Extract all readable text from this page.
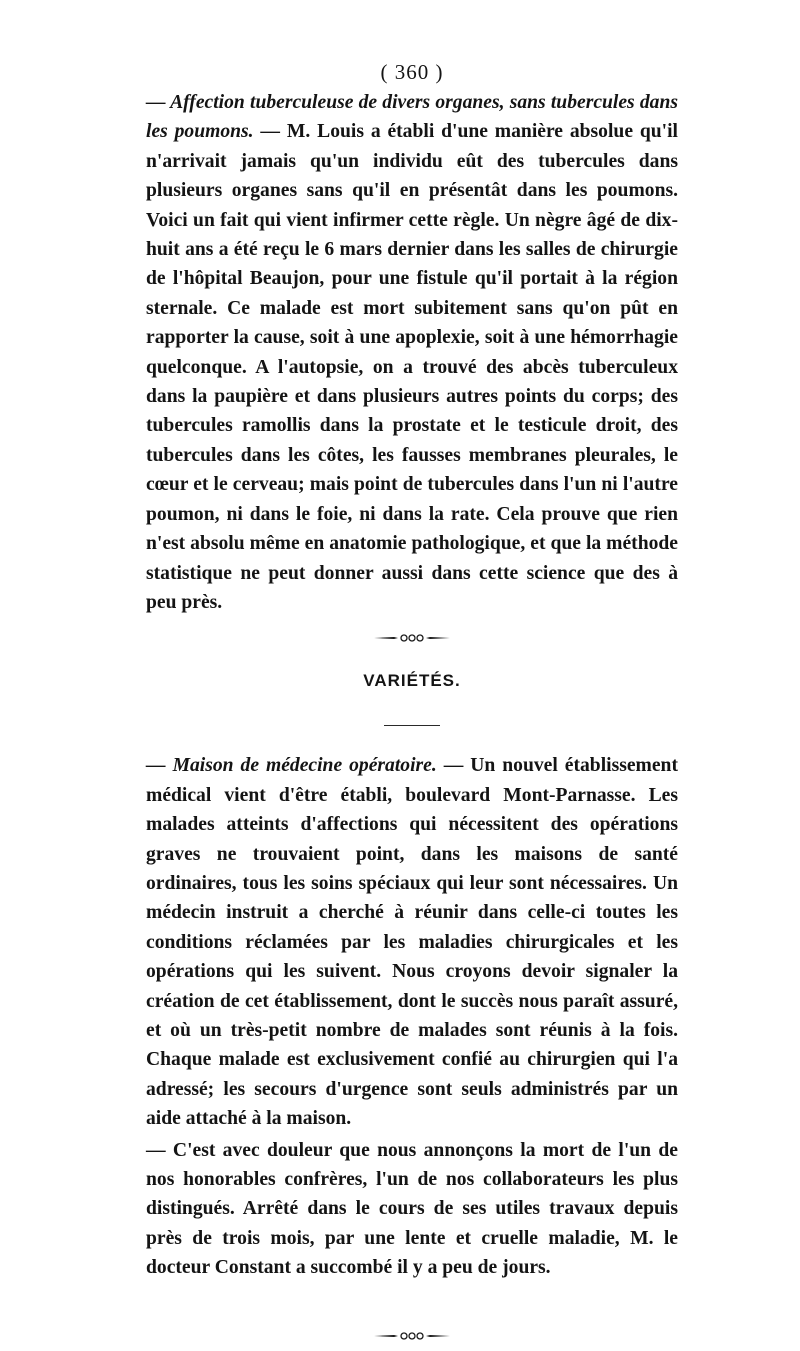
( 360 )

— Affection tuberculeuse de divers organes, sans tubercules dans les poumons. — M. Louis a établi d'une manière absolue qu'il n'arrivait jamais qu'un individu eût des tubercules dans plusieurs organes sans qu'il en présentât dans les poumons. Voici un fait qui vient infirmer cette règle. Un nègre âgé de dix-huit ans a été reçu le 6 mars dernier dans les salles de chirurgie de l'hôpital Beaujon, pour une fistule qu'il portait à la région sternale. Ce malade est mort subitement sans qu'on pût en rapporter la cause, soit à une apoplexie, soit à une hémorrhagie quelconque. A l'autopsie, on a trouvé des abcès tuberculeux dans la paupière et dans plusieurs autres points du corps; des tubercules ramollis dans la prostate et le testicule droit, des tubercules dans les côtes, les fausses membranes pleurales, le cœur et le cerveau; mais point de tubercules dans l'un ni l'autre poumon, ni dans le foie, ni dans la rate. Cela prouve que rien n'est absolu même en anatomie pathologique, et que la méthode statistique ne peut donner aussi dans cette science que des à peu près.

VARIÉTÉS.

— Maison de médecine opératoire. — Un nouvel établissement médical vient d'être établi, boulevard Mont-Parnasse. Les malades atteints d'affections qui nécessitent des opérations graves ne trouvaient point, dans les maisons de santé ordinaires, tous les soins spéciaux qui leur sont nécessaires. Un médecin instruit a cherché à réunir dans celle-ci toutes les conditions réclamées par les maladies chirurgicales et les opérations qui les suivent. Nous croyons devoir signaler la création de cet établissement, dont le succès nous paraît assuré, et où un très-petit nombre de malades sont réunis à la fois. Chaque malade est exclusivement confié au chirurgien qui l'a adressé; les secours d'urgence sont seuls administrés par un aide attaché à la maison.

— C'est avec douleur que nous annonçons la mort de l'un de nos honorables confrères, l'un de nos collaborateurs les plus distingués. Arrêté dans le cours de ses utiles travaux depuis près de trois mois, par une lente et cruelle maladie, M. le docteur Constant a succombé il y a peu de jours.
